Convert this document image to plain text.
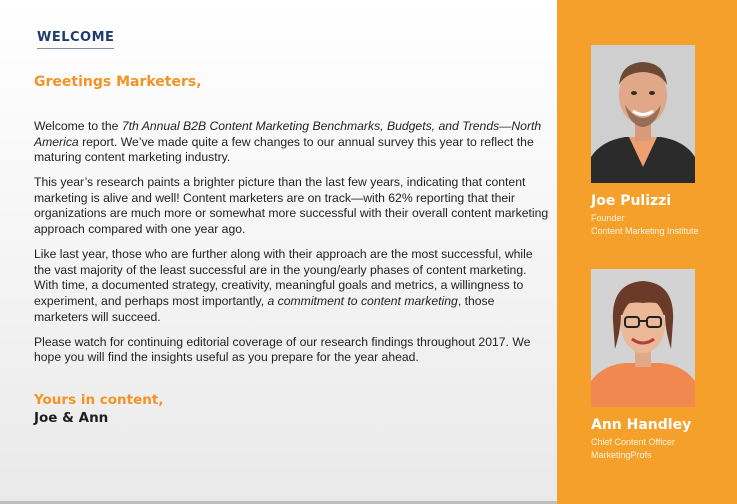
WELCOME
Greetings Marketers,

Welcome to the 7th Annual B2B Content Marketing Benchmarks, Budgets, and Trends—North America report. We’ve made quite a few changes to our annual survey this year to reflect the maturing content marketing industry.

This year’s research paints a brighter picture than the last few years, indicating that content marketing is alive and well! Content marketers are on track—with 62% reporting that their organizations are much more or somewhat more successful with their overall content marketing approach compared with one year ago.

Like last year, those who are further along with their approach are the most successful, while the vast majority of the least successful are in the young/early phases of content marketing. With time, a documented strategy, creativity, meaningful goals and metrics, a willingness to experiment, and perhaps most importantly, a commitment to content marketing, those marketers will succeed.

Please watch for continuing editorial coverage of our research findings throughout 2017. We hope you will find the insights useful as you prepare for the year ahead.

Yours in content,
Joe & Ann
Joe Pulizzi
Founder
Content Marketing Institute
Ann Handley
Chief Content Officer
MarketingProfs
